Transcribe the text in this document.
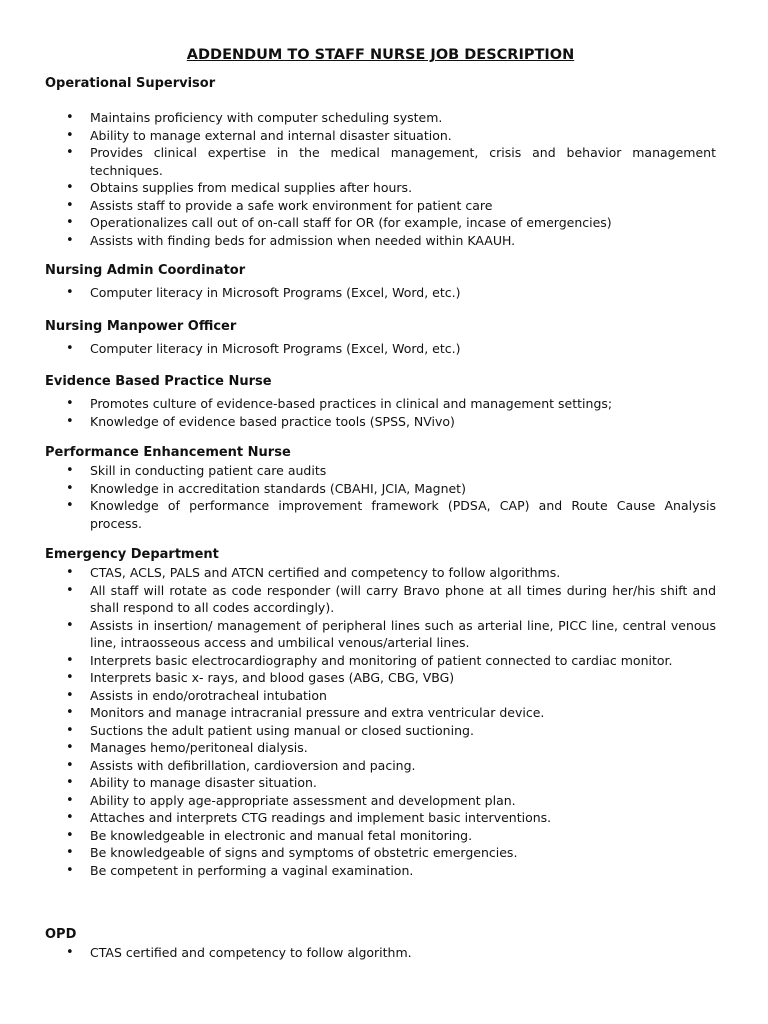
ADDENDUM TO STAFF NURSE JOB DESCRIPTION
Operational Supervisor
• Maintains proficiency with computer scheduling system.
• Ability to manage external and internal disaster situation.
• Provides clinical expertise in the medical management, crisis and behavior management techniques.
• Obtains supplies from medical supplies after hours.
• Assists staff to provide a safe work environment for patient care
• Operationalizes call out of on-call staff for OR (for example, incase of emergencies)
• Assists with finding beds for admission when needed within KAAUH.
Nursing Admin Coordinator
• Computer literacy in Microsoft Programs (Excel, Word, etc.)
Nursing Manpower Officer
• Computer literacy in Microsoft Programs (Excel, Word, etc.)
Evidence Based Practice Nurse
• Promotes culture of evidence-based practices in clinical and management settings;
• Knowledge of evidence based practice tools (SPSS, NVivo)
Performance Enhancement Nurse
• Skill in conducting patient care audits
• Knowledge in accreditation standards (CBAHI, JCIA, Magnet)
• Knowledge of performance improvement framework (PDSA, CAP) and Route Cause Analysis process.
Emergency Department
• CTAS, ACLS, PALS and ATCN certified and competency to follow algorithms.
• All staff will rotate as code responder (will carry Bravo phone at all times during her/his shift and shall respond to all codes accordingly).
• Assists in insertion/ management of peripheral lines such as arterial line, PICC line, central venous line, intraosseous access and umbilical venous/arterial lines.
• Interprets basic electrocardiography and monitoring of patient connected to cardiac monitor.
• Interprets basic x- rays, and blood gases (ABG, CBG, VBG)
• Assists in endo/orotracheal intubation
• Monitors and manage intracranial pressure and extra ventricular device.
• Suctions the adult patient using manual or closed suctioning.
• Manages hemo/peritoneal dialysis.
• Assists with defibrillation, cardioversion and pacing.
• Ability to manage disaster situation.
• Ability to apply age-appropriate assessment and development plan.
• Attaches and interprets CTG readings and implement basic interventions.
• Be knowledgeable in electronic and manual fetal monitoring.
• Be knowledgeable of signs and symptoms of obstetric emergencies.
• Be competent in performing a vaginal examination.
OPD
• CTAS certified and competency to follow algorithm.
